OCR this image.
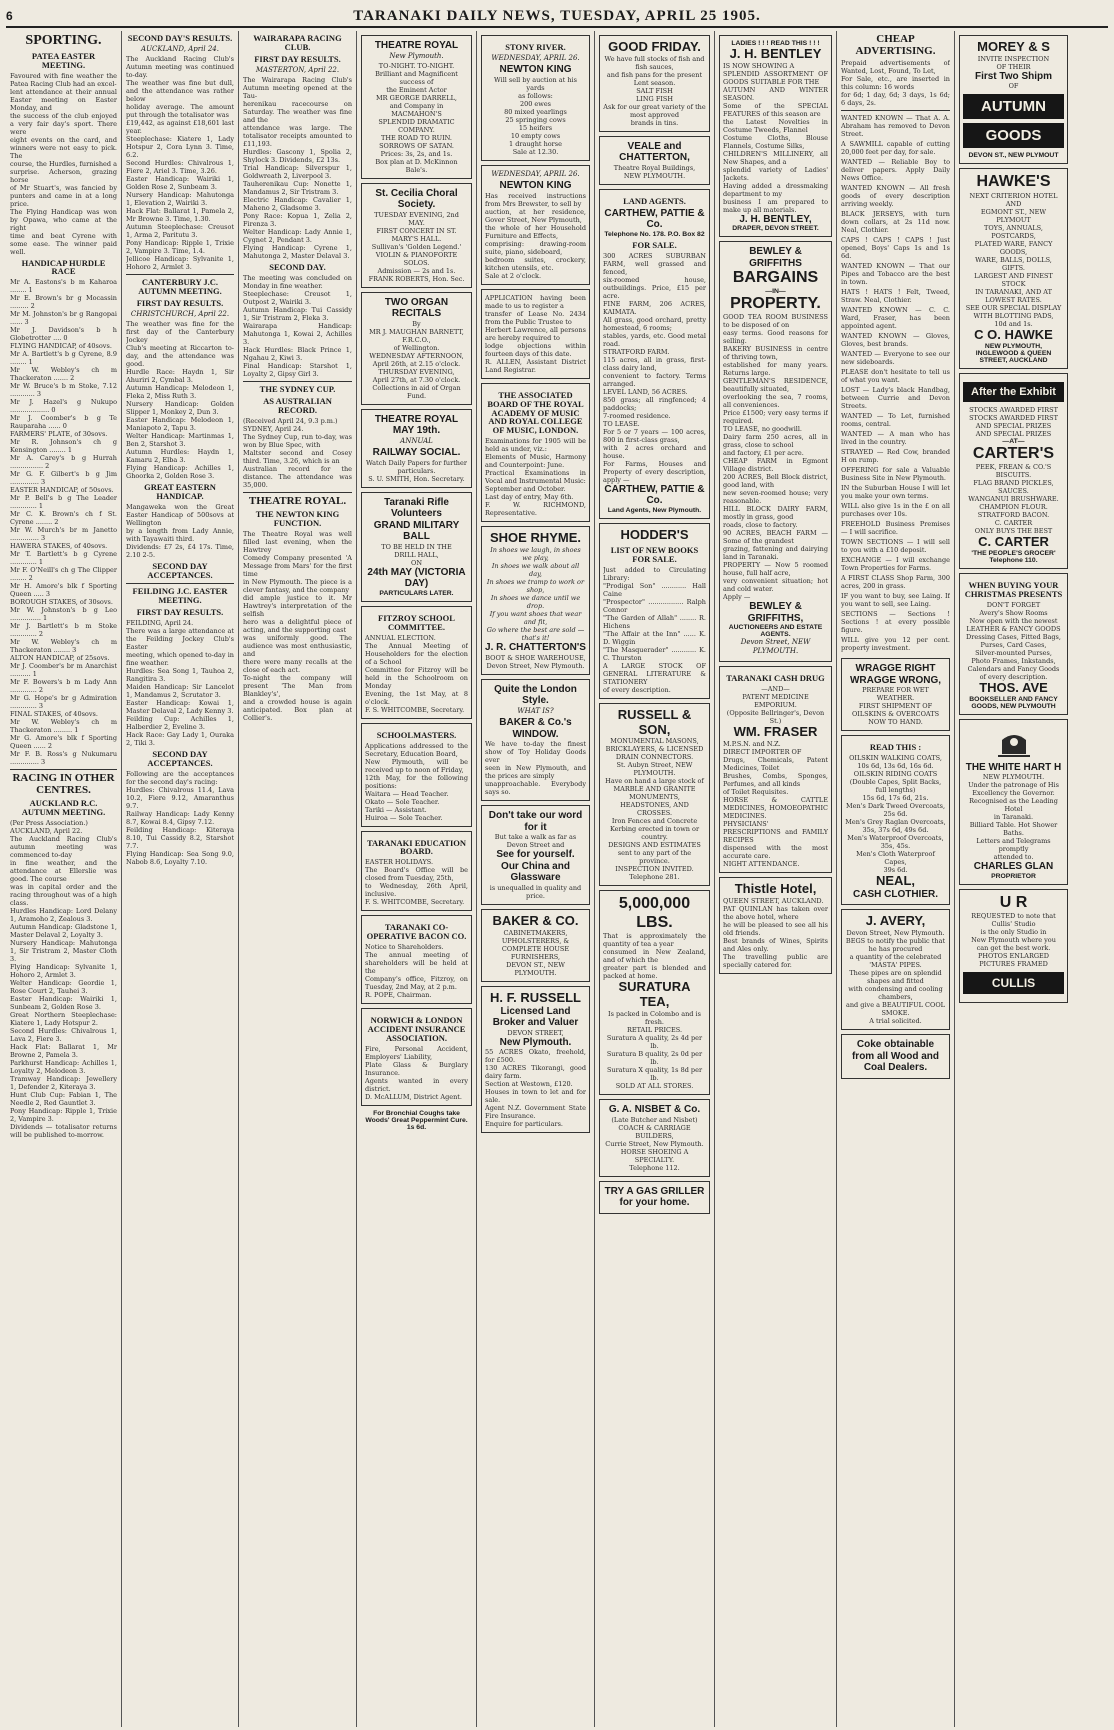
6	TARANAKI DAILY NEWS, TUESDAY, APRIL 25 1905.
SPORTING.
PATEA EASTER MEETING.
Favoured with fine weather the Patea Racing Club had an excel-
lent attendance at their annual Easter meeting on Easter Monday, and
the success of the club enjoyed a very fair day's sport. There were
eight events on the card, and winners were not easy to pick. The
course, the Hurdles, furnished a surprise. Acherson, grazing horse
of Mr Stuart's, was fancied by punters and came in at a long price.
The Flying Handicap was won by Opawa, who came at the right
time and beat Cyrene with some ease. The winner paid well.
HANDICAP HURDLE RACE
Mr A. Eastons's b m Kaharoa ........ 1
Mr E. Brown's br g Mocassin ......... 2
Mr M. Johnston's br g Rangopai ...... 3
Mr J. Davidson's b h Globetrotter .... 0
FLYING HANDICAP, of 40sovs.
Mr A. Bartlett's b g Cyrene, 8.9 ........ 1
Mr W. Webley's ch m Thackeraton ....... 2
Mr W. Bruce's b m Stoke, 7.12 ............ 3
Mr J. Hazel's g Nukupo ................... 0
Mr J. Coomber's b g Te Rauparaha ...... 0
FARMERS' PLATE, of 30sovs.
Mr R. Johnson's ch g Kensington ........ 1
Mr A. Carey's b g Hurrah ................ 2
Mr G. F. Gilbert's b g Jim .............. 3
EASTER HANDICAP, of 50sovs.
Mr P. Bell's b g The Leader ............. 1
Mr C. K. Brown's ch f St. Cyrene ........ 2
Mr W. Murch's br m Janetto .............. 3
HAWERA STAKES, of 40sovs.
Mr T. Bartlett's b g Cyrene ............. 1
Mr F. O'Neill's ch g The Clipper ........ 2
Mr H. Amore's blk f Sporting Queen ..... 3
BOROUGH STAKES, of 30sovs.
Mr W. Johnston's b g Leo ............... 1
Mr J. Bartlett's b m Stoke ............. 2
Mr W. Webley's ch m Thackeraton ........ 3
ALTON HANDICAP, of 25sovs.
Mr J. Coomber's br m Anarchist .......... 1
Mr F. Bowers's b m Lady Ann ............. 2
Mr G. Hope's br g Admiration ............. 3
FINAL STAKES, of 40sovs.
Mr W. Webley's ch m Thackeraton ......... 1
Mr G. Amore's blk f Sporting Queen ...... 2
Mr F. B. Ross's g Nukumaru .............. 3
RACING IN OTHER CENTRES.
AUCKLAND R.C. AUTUMN MEETING.
(Per Press Association.)
AUCKLAND, April 22.
The Auckland Racing Club's autumn meeting was commenced to-day
in fine weather, and the attendance at Ellerslie was good. The course
was in capital order and the racing throughout was of a high class.
Hurdles Handicap: Lord Delany 1, Aramoho 2, Zealous 3.
Autumn Handicap: Gladstone 1, Master Delaval 2, Loyalty 3.
Nursery Handicap: Mahutonga 1, Sir Tristram 2, Master Cloth 3.
Flying Handicap: Sylvanite 1, Hohoro 2, Armlet 3.
Welter Handicap: Geordie 1, Rose Court 2, Tauhei 3.
Easter Handicap: Wairiki 1, Sunbeam 2, Golden Rose 3.
Great Northern Steeplechase: Kiatere 1, Lady Hotspur 2.
Second Hurdles: Chivalrous 1, Lava 2, Fiere 3.
Hack Flat: Ballarat 1, Mr Browne 2, Pamela 3.
Parkhurst Handicap: Achilles 1, Loyalty 2, Melodeon 3.
Tramway Handicap: Jewellery 1, Defender 2, Kiteraya 3.
Hunt Club Cup: Fabian 1, The Needle 2, Red Gauntlet 3.
Pony Handicap: Ripple 1, Trixie 2, Vampire 3.
Dividends — totalisator returns will be published to-morrow.
SECOND DAY'S RESULTS.
AUCKLAND, April 24.
The Auckland Racing Club's Autumn meeting was continued to-day.
The weather was fine but dull, and the attendance was rather below
holiday average. The amount put through the totalisator was
£19,442, as against £18,601 last year.
Steeplechase: Kiatere 1, Lady Hotspur 2, Cora Lynn 3. Time, 6.2.
Second Hurdles: Chivalrous 1, Fiere 2, Ariel 3. Time, 3.26.
Easter Handicap: Wairiki 1, Golden Rose 2, Sunbeam 3.
Nursery Handicap: Mahutonga 1, Elevation 2, Wairiki 3.
Hack Flat: Ballarat 1, Pamela 2, Mr Browne 3. Time, 1.30.
Autumn Steeplechase: Creusot 1, Arma 2, Paritutu 3.
Pony Handicap: Ripple 1, Trixie 2, Vampire 3. Time, 1.4.
Jellicoe Handicap: Sylvanite 1, Hohoro 2, Armlet 3.
CANTERBURY J.C. AUTUMN MEETING.
FIRST DAY RESULTS.
CHRISTCHURCH, April 22.
The weather was fine for the first day of the Canterbury Jockey
Club's meeting at Riccarton to-day, and the attendance was good.
Hurdle Race: Haydn 1, Sir Ahuriri 2, Cymbal 3.
Autumn Handicap: Melodeon 1, Fleka 2, Miss Ruth 3.
Nursery Handicap: Golden Slipper 1, Monkey 2, Dun 3.
Easter Handicap: Melodeon 1, Maniapoto 2, Tapu 3.
Welter Handicap: Martinmas 1, Ben 2, Starshot 3.
Autumn Hurdles: Haydn 1, Kamaru 2, Elba 3.
Flying Handicap: Achilles 1, Ghoorka 2, Golden Rose 3.
GREAT EASTERN HANDICAP.
Mangaweka won the Great Easter Handicap of 500sovs at Wellington
by a length from Lady Annie, with Tayawaiti third.
Dividends: £7 2s, £4 17s. Time, 2.10 2-5.
SECOND DAY ACCEPTANCES.
FEILDING J.C. EASTER MEETING.
FIRST DAY RESULTS.
FEILDING, April 24.
There was a large attendance at the Feilding Jockey Club's Easter
meeting, which opened to-day in fine weather.
Hurdles: Sea Song 1, Tauhoa 2, Rangitira 3.
Maiden Handicap: Sir Lancelot 1, Mandamus 2, Scrutator 3.
Easter Handicap: Kowai 1, Master Delaval 2, Lady Kenny 3.
Feilding Cup: Achilles 1, Halberdier 2, Eveline 3.
Hack Race: Gay Lady 1, Ouraka 2, Tiki 3.
SECOND DAY ACCEPTANCES.
Following are the acceptances for the second day's racing:
Hurdles: Chivalrous 11.4, Lava 10.2, Fiere 9.12, Amaranthus 9.7.
Railway Handicap: Lady Kenny 8.7, Kowai 8.4, Gipsy 7.12.
Feilding Handicap: Kiteraya 8.10, Tui Cassidy 8.2, Starshot 7.7.
Flying Handicap: Sea Song 9.0, Nabob 8.6, Loyalty 7.10.
WAIRARAPA RACING CLUB.
FIRST DAY RESULTS.
MASTERTON, April 22.
The Wairarapa Racing Club's Autumn meeting opened at the Tau-
herenikau racecourse on Saturday. The weather was fine and the
attendance was large. The totalisator receipts amounted to £11,193.
Hurdles: Gascony 1, Spolia 2, Shylock 3. Dividends, £2 13s.
Trial Handicap: Silverspur 1, Goldwreath 2, Liverpool 3.
Tauherenikau Cup: Nonette 1, Mandamus 2, Sir Tristram 3.
Electric Handicap: Cavalier 1, Maheno 2, Gladsome 3.
Pony Race: Kopua 1, Zelia 2, Firenza 3.
Welter Handicap: Lady Annie 1, Cygnet 2, Pendant 3.
Flying Handicap: Cyrene 1, Mahutonga 2, Master Delaval 3.
SECOND DAY.
The meeting was concluded on Monday in fine weather.
Steeplechase: Creusot 1, Outpost 2, Wairiki 3.
Autumn Handicap: Tui Cassidy 1, Sir Tristram 2, Fleka 3.
Wairarapa Handicap: Mahutonga 1, Kowai 2, Achilles 3.
Hack Hurdles: Black Prince 1, Ngahau 2, Kiwi 3.
Final Handicap: Starshot 1, Loyalty 2, Gipsy Girl 3.
THE SYDNEY CUP.
AS AUSTRALIAN RECORD.
(Received April 24, 9.3 p.m.)
SYDNEY, April 24.
The Sydney Cup, run to-day, was won by Blue Spec, with
Maltster second and Cosey third. Time, 3.26, which is an
Australian record for the distance. The attendance was 35,000.
THEATRE ROYAL.
THE NEWTON KING FUNCTION.
The Theatre Royal was well filled last evening, when the Hawtrey
Comedy Company presented 'A Message from Mars' for the first time
in New Plymouth. The piece is a clever fantasy, and the company
did ample justice to it. Mr Hawtrey's interpretation of the selfish
hero was a delightful piece of acting, and the supporting cast
was uniformly good. The audience was most enthusiastic, and
there were many recalls at the close of each act.
To-night the company will present 'The Man from Blankley's',
and a crowded house is again anticipated. Box plan at Collier's.
THEATRE ROYAL
New Plymouth.
TO-NIGHT. TO-NIGHT.
Brilliant and Magnificent success of
the Eminent Actor
MR GEORGE DARRELL,
and Company in
MACMAHON'S
SPLENDID DRAMATIC COMPANY.
THE ROAD TO RUIN.
SORROWS OF SATAN.
Prices: 3s, 2s, and 1s.
Box plan at D. McKinnon Bale's.
St. Cecilia Choral Society.
TUESDAY EVENING, 2nd MAY.
FIRST CONCERT IN ST. MARY'S HALL.
Sullivan's 'Golden Legend.'
VIOLIN & PIANOFORTE SOLOS.
Admission — 2s and 1s.
FRANK ROBERTS, Hon. Sec.
TWO ORGAN RECITALS
By
MR J. MAUGHAN BARNETT, F.R.C.O.,
of Wellington.
WEDNESDAY AFTERNOON,
April 26th, at 2.15 o'clock.
THURSDAY EVENING,
April 27th, at 7.30 o'clock.
Collections in aid of Organ Fund.
THEATRE ROYAL
MAY 19th.
ANNUAL
RAILWAY SOCIAL.
Watch Daily Papers for further particulars.
S. U. SMITH, Hon. Secretary.
Taranaki Rifle Volunteers
GRAND MILITARY BALL
TO BE HELD IN THE
DRILL HALL,
ON
24th MAY (VICTORIA DAY)
PARTICULARS LATER.
FITZROY SCHOOL COMMITTEE.
ANNUAL ELECTION.
The Annual Meeting of Householders for the election of a School
Committee for Fitzroy will be held in the Schoolroom on Monday
Evening, the 1st May, at 8 o'clock.
F. S. WHITCOMBE, Secretary.
SCHOOLMASTERS.
Applications addressed to the Secretary, Education Board,
New Plymouth, will be received up to noon of Friday,
12th May, for the following positions:
Waitara — Head Teacher.
Okato — Sole Teacher.
Tariki — Assistant.
Huiroa — Sole Teacher.
TARANAKI EDUCATION BOARD.
EASTER HOLIDAYS.
The Board's Office will be closed from Tuesday, 25th,
to Wednesday, 26th April, inclusive.
F. S. WHITCOMBE, Secretary.
TARANAKI CO-OPERATIVE BACON CO.
Notice to Shareholders.
The annual meeting of shareholders will be held at the
Company's office, Fitzroy, on Tuesday, 2nd May, at 2 p.m.
R. POPE, Chairman.
NORWICH & LONDON ACCIDENT INSURANCE ASSOCIATION.
Fire, Personal Accident, Employers' Liability,
Plate Glass & Burglary Insurance.
Agents wanted in every district.
D. McALLUM, District Agent.
For Bronchial Coughs take Woods' Great Peppermint Cure. 1s 6d.
STONY RIVER.
WEDNESDAY, APRIL 26.
NEWTON KING
Will sell by auction at his yards
as follows:
200 ewes
80 mixed yearlings
25 springing cows
15 heifers
10 empty cows
1 draught horse
Sale at 12.30.
WEDNESDAY, APRIL 26.
NEWTON KING
Has received instructions from Mrs Brewster, to sell by
auction, at her residence, Gover Street, New Plymouth,
the whole of her Household Furniture and Effects,
comprising: drawing-room suite, piano, sideboard,
bedroom suites, crockery, kitchen utensils, etc.
Sale at 2 o'clock.
APPLICATION having been made to us to register a
transfer of Lease No. 2434 from the Public Trustee to
Herbert Lawrence, all persons are hereby required to
lodge objections within fourteen days of this date.
R. ALLEN, Assistant District Land Registrar.
THE ASSOCIATED BOARD OF THE ROYAL ACADEMY OF MUSIC AND ROYAL COLLEGE OF MUSIC, LONDON.
Examinations for 1905 will be held as under, viz.:
Elements of Music, Harmony and Counterpoint: June.
Practical Examinations in Vocal and Instrumental Music:
September and October.
Last day of entry, May 6th.
F. W. RICHMOND, Representative.
SHOE RHYME.
In shoes we laugh, in shoes we play,
In shoes we walk about all day,
In shoes we tramp to work or shop,
In shoes we dance until we drop.
If you want shoes that wear and fit,
Go where the best are sold — that's it!
J. R. CHATTERTON'S
BOOT & SHOE WAREHOUSE,
Devon Street, New Plymouth.
Quite the London Style.
WHAT IS?
BAKER & Co.'s WINDOW.
We have to-day the finest show of Toy Holiday Goods ever
seen in New Plymouth, and the prices are simply
unapproachable. Everybody says so.
Don't take our word for it
But take a walk as far as Devon Street and
See for yourself.
Our China and Glassware
is unequalled in quality and price.
BAKER & CO.
CABINETMAKERS, UPHOLSTERERS, & COMPLETE HOUSE
FURNISHERS,
DEVON ST., NEW PLYMOUTH.
H. F. RUSSELL
Licensed Land Broker and Valuer
DEVON STREET,
New Plymouth.
55 ACRES Okato, freehold, for £500.
130 ACRES Tikorangi, good dairy farm.
Section at Westown, £120.
Houses in town to let and for sale.
Agent N.Z. Government State Fire Insurance.
Enquire for particulars.
GOOD FRIDAY.
We have full stocks of fish and fish sauces,
and fish pans for the present Lent season.
SALT FISH
LING FISH
Ask for our great variety of the most approved
brands in tins.
VEALE and CHATTERTON,
Theatre Royal Buildings,
NEW PLYMOUTH.
LAND AGENTS.
CARTHEW, PATTIE & Co.
Telephone No. 178. P.O. Box 82
FOR SALE.
300 ACRES SUBURBAN FARM, well grassed and fenced,
six-roomed house, outbuildings. Price, £15 per acre.
FINE FARM, 206 ACRES, KAIMATA.
All grass, good orchard, pretty homestead, 6 rooms;
stables, yards, etc. Good metal road.
STRATFORD FARM.
115 acres, all in grass, first-class dairy land,
convenient to factory. Terms arranged.
LEVEL LAND, 56 ACRES.
850 grass; all ringfenced; 4 paddocks;
7-roomed residence.
TO LEASE.
For 5 or 7 years — 100 acres, 800 in first-class grass,
with 2 acres orchard and house.
For Farms, Houses and Property of every description, apply —
CARTHEW, PATTIE & Co.
Land Agents, New Plymouth.
HODDER'S
LIST OF NEW BOOKS FOR SALE.
Just added to Circulating Library:
"Prodigal Son" ............ Hall Caine
"Prospector" ................. Ralph Connor
"The Garden of Allah" ........ R. Hichens
"The Affair at the Inn" ...... K. D. Wiggin
"The Masquerader" ............ K. C. Thurston
A LARGE STOCK OF GENERAL LITERATURE & STATIONERY
of every description.
RUSSELL & SON,
MONUMENTAL MASONS, BRICKLAYERS, & LICENSED
DRAIN CONNECTORS.
St. Aubyn Street, NEW PLYMOUTH.
Have on hand a large stock of
MARBLE AND GRANITE MONUMENTS, HEADSTONES, AND CROSSES.
Iron Fences and Concrete Kerbing erected in town or country.
DESIGNS AND ESTIMATES sent to any part of the province.
INSPECTION INVITED.
Telephone 281.
5,000,000 LBS.
That is approximately the quantity of tea a year
consumed in New Zealand, and of which the
greater part is blended and packed at home.
SURATURA TEA,
Is packed in Colombo and is fresh.
RETAIL PRICES.
Suratura A quality, 2s 4d per lb.
Suratura B quality, 2s 0d per lb.
Suratura X quality, 1s 8d per lb.
SOLD AT ALL STORES.
G. A. NISBET & Co.
(Late Butcher and Nisbet)
COACH & CARRIAGE BUILDERS,
Currie Street, New Plymouth.
HORSE SHOEING A SPECIALTY.
Telephone 112.
TRY A GAS GRILLER for your home.
LADIES ! ! ! READ THIS ! ! !
J. H. BENTLEY
IS NOW SHOWING A
SPLENDID ASSORTMENT OF GOODS SUITABLE FOR THE
AUTUMN AND WINTER SEASON.
Some of the SPECIAL FEATURES of this season are
the Latest Novelties in Costume Tweeds, Flannel
Costume Cloths, Blouse Flannels, Costume Silks,
CHILDREN'S MILLINERY, all New Shapes, and a
splendid variety of Ladies' Jackets.
Having added a dressmaking department to my
business I am prepared to make up all materials.
J. H. BENTLEY,
DRAPER, DEVON STREET.
BEWLEY & GRIFFITHS
BARGAINS
—IN—
PROPERTY.
GOOD TEA ROOM BUSINESS to be disposed of on
easy terms. Good reasons for selling.
BAKERY BUSINESS in centre of thriving town,
established for many years. Returns large.
GENTLEMAN'S RESIDENCE, beautifully situated,
overlooking the sea, 7 rooms, all conveniences.
Price £1500; very easy terms if required.
TO LEASE, no goodwill.
Dairy farm 250 acres, all in grass, close to school
and factory, £1 per acre.
CHEAP FARM in Egmont Village district.
200 ACRES, Bell Block district, good land, with
new seven-roomed house; very reasonable.
HILL BLOCK DAIRY FARM, mostly in grass, good
roads, close to factory.
90 ACRES, BEACH FARM — Some of the grandest
grazing, fattening and dairying land in Taranaki.
PROPERTY — Now 5 roomed house, full half acre,
very convenient situation; hot and cold water.
Apply —
BEWLEY & GRIFFITHS,
AUCTIONEERS AND ESTATE AGENTS.
Devon Street, NEW PLYMOUTH.
TARANAKI CASH DRUG
—AND—
PATENT MEDICINE EMPORIUM.
(Opposite Bellringer's, Devon St.)
WM. FRASER
M.P.S.N. and N.Z.
DIRECT IMPORTER OF
Drugs, Chemicals, Patent Medicines, Toilet
Brushes, Combs, Sponges, Perfumes, and all kinds
of Toilet Requisites.
HORSE & CATTLE MEDICINES, HOMOEOPATHIC MEDICINES.
PHYSICIANS' PRESCRIPTIONS and FAMILY RECIPES
dispensed with the most accurate care.
NIGHT ATTENDANCE.
Thistle Hotel,
QUEEN STREET, AUCKLAND.
PAT QUINLAN has taken over the above hotel, where
he will be pleased to see all his old friends.
Best brands of Wines, Spirits and Ales only.
The travelling public are specially catered for.
CHEAP ADVERTISING.
Prepaid advertisements of Wanted, Lost, Found, To Let,
For Sale, etc., are inserted in this column: 16 words
for 6d; 1 day, 6d; 3 days, 1s 6d; 6 days, 2s.
WANTED KNOWN — That A. A. Abraham has removed to Devon Street.
A SAWMILL capable of cutting 20,000 feet per day, for sale.
WANTED — Reliable Boy to deliver papers. Apply Daily News Office.
WANTED KNOWN — All fresh goods of every description arriving weekly.
BLACK JERSEYS, with turn down collars, at 2s 11d now. Neal, Clothier.
CAPS ! CAPS ! CAPS ! Just opened, Boys' Caps 1s and 1s 6d.
WANTED KNOWN — That our Pipes and Tobacco are the best in town.
HATS ! HATS ! Felt, Tweed, Straw. Neal, Clothier.
WANTED KNOWN — C. C. Ward, Fraser, has been appointed agent.
WANTED KNOWN — Gloves, Gloves, best brands.
WANTED — Everyone to see our new sideboards.
PLEASE don't hesitate to tell us of what you want.
LOST — Lady's black Handbag, between Currie and Devon Streets.
WANTED — To Let, furnished rooms, central.
WANTED — A man who has lived in the country.
STRAYED — Red Cow, branded H on rump.
OFFERING for sale a Valuable Business Site in New Plymouth.
IN the Suburban House I will let you make your own terms.
WILL also give 1s in the £ on all purchases over 10s.
FREEHOLD Business Premises — I will sacrifice.
TOWN SECTIONS — I will sell to you with a £10 deposit.
EXCHANGE — I will exchange Town Properties for Farms.
A FIRST CLASS Shop Farm, 300 acres, 200 in grass.
IF you want to buy, see Laing. If you want to sell, see Laing.
SECTIONS — Sections ! Sections ! at every possible figure.
WILL give you 12 per cent. property investment.
WRAGGE RIGHT
WRAGGE WRONG,
PREPARE FOR WET WEATHER.
FIRST SHIPMENT OF OILSKINS & OVERCOATS
NOW TO HAND.
READ THIS :
OILSKIN WALKING COATS,
10s 6d, 13s 6d, 16s 6d.
OILSKIN RIDING COATS
(Double Capes, Split Backs, full lengths)
15s 6d, 17s 6d, 21s.
Men's Dark Tweed Overcoats,
25s 6d.
Men's Grey Raglan Overcoats,
35s, 37s 6d, 49s 6d.
Men's Waterproof Overcoats,
35s, 45s.
Men's Cloth Waterproof Capes,
39s 6d.
NEAL,
CASH CLOTHIER.
J. AVERY,
Devon Street, New Plymouth.
BEGS to notify the public that he has procured
a quantity of the celebrated
'MASTA' PIPES.
These pipes are on splendid shapes and fitted
with condensing and cooling chambers,
and give a BEAUTIFUL COOL SMOKE.
A trial solicited.
Coke obtainable from all Wood and Coal Dealers.
MOREY & S
INVITE INSPECTION
OF THEIR
First Two Shipm
OF
AUTUMN
GOODS
DEVON ST., NEW PLYMOUT
HAWKE'S
NEXT CRITERION HOTEL
AND
EGMONT ST., NEW PLYMOUT
TOYS, ANNUALS, POSTCARDS,
PLATED WARE, FANCY GOODS,
WARE, BALLS, DOLLS, GIFTS.
LARGEST AND FINEST STOCK
IN TARANAKI, AND AT
LOWEST RATES.
SEE OUR SPECIAL DISPLAY
WITH BLOTTING PADS,
10d and 1s.
C O. HAWKE
NEW PLYMOUTH, INGLEWOOD & QUEEN STREET, AUCKLAND
After the Exhibit
STOCKS AWARDED FIRST
STOCKS AWARDED FIRST
AND SPECIAL PRIZES
AND SPECIAL PRIZES
—AT—
CARTER'S
PEEK, FREAN & CO.'S BISCUITS.
FLAG BRAND PICKLES, SAUCES.
WANGANUI BRUSHWARE.
CHAMPION FLOUR.
STRATFORD BACON.
C. CARTER
ONLY BUYS THE BEST
C. CARTER
'THE PEOPLE'S GROCER' Telephone 110.
WHEN BUYING YOUR CHRISTMAS PRESENTS
DON'T FORGET
Avery's Show Rooms
Now open with the newest
LEATHER & FANCY GOODS
Dressing Cases, Fitted Bags,
Purses, Card Cases,
Silver-mounted Purses,
Photo Frames, Inkstands,
Calendars and Fancy Goods
of every description.
THOS. AVE
BOOKSELLER AND FANCY GOODS, NEW PLYMOUTH
THE WHITE HART H
NEW PLYMOUTH.
Under the patronage of His
Excellency the Governor.
Recognised as the Leading Hotel
in Taranaki.
Billiard Table. Hot Shower Baths.
Letters and Telegrams promptly
attended to.
CHARLES GLAN
PROPRIETOR
U R
REQUESTED to note that
Cullis' Studio
is the only Studio in
New Plymouth where you
can get the best work.
PHOTOS ENLARGED
PICTURES FRAMED
CULLIS
